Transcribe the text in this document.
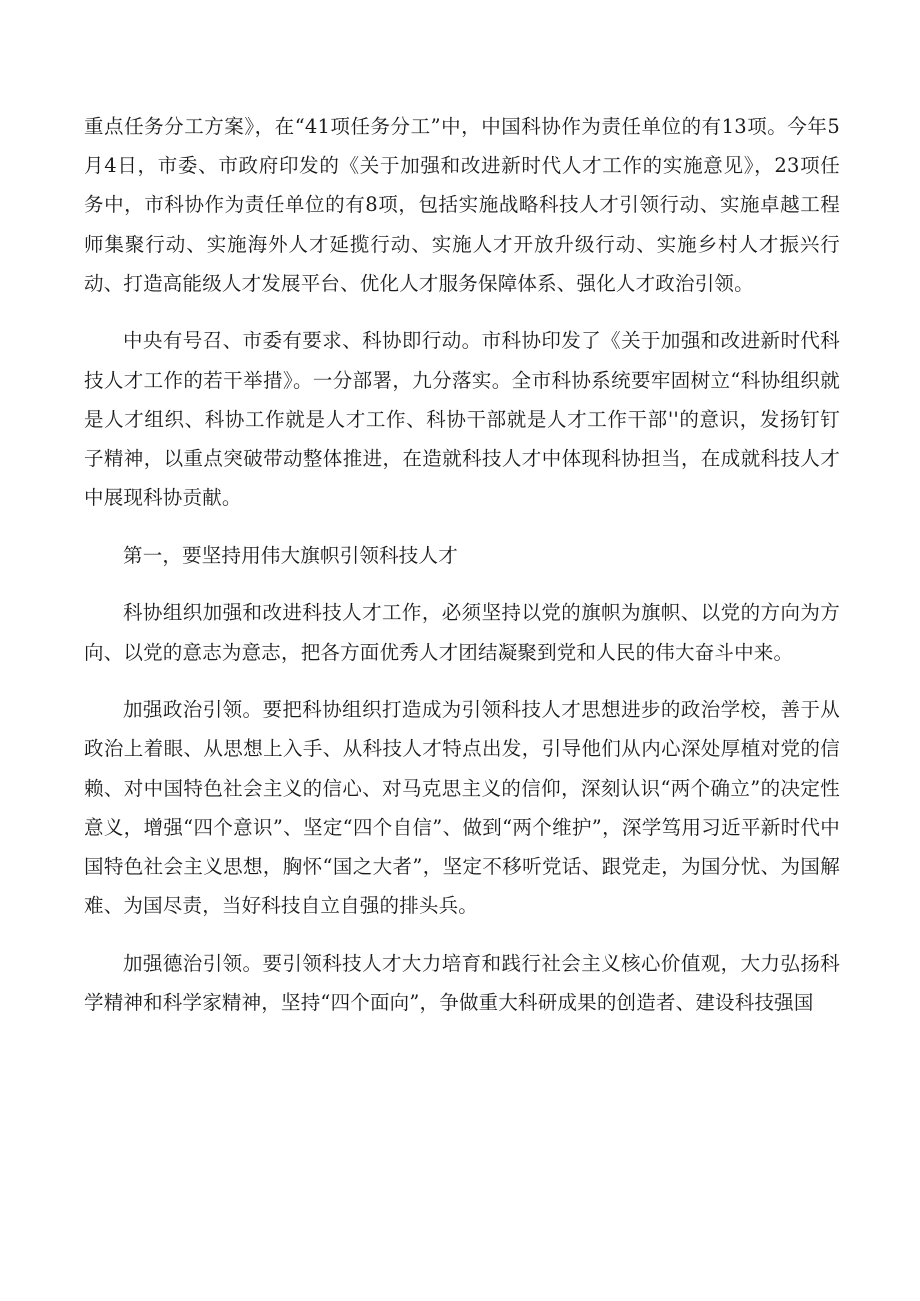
重点任务分工方案》，在“41项任务分工”中，中国科协作为责任单位的有13项。今年5月4日，市委、市政府印发的《关于加强和改进新时代人才工作的实施意见》，23项任务中，市科协作为责任单位的有8项，包括实施战略科技人才引领行动、实施卓越工程师集聚行动、实施海外人才延揽行动、实施人才开放升级行动、实施乡村人才振兴行动、打造高能级人才发展平台、优化人才服务保障体系、强化人才政治引领。

中央有号召、市委有要求、科协即行动。市科协印发了《关于加强和改进新时代科技人才工作的若干举措》。一分部署，九分落实。全市科协系统要牢固树立“科协组织就是人才组织、科协工作就是人才工作、科协干部就是人才工作干部''的意识，发扬钉钉子精神，以重点突破带动整体推进，在造就科技人才中体现科协担当，在成就科技人才中展现科协贡献。

第一，要坚持用伟大旗帜引领科技人才

科协组织加强和改进科技人才工作，必须坚持以党的旗帜为旗帜、以党的方向为方向、以党的意志为意志，把各方面优秀人才团结凝聚到党和人民的伟大奋斗中来。

加强政治引领。要把科协组织打造成为引领科技人才思想进步的政治学校，善于从政治上着眼、从思想上入手、从科技人才特点出发，引导他们从内心深处厚植对党的信赖、对中国特色社会主义的信心、对马克思主义的信仰，深刻认识“两个确立”的决定性意义，增强“四个意识”、坚定“四个自信”、做到“两个维护”，深学笃用习近平新时代中国特色社会主义思想，胸怀“国之大者”，坚定不移听党话、跟党走，为国分忧、为国解难、为国尽责，当好科技自立自强的排头兵。

加强德治引领。要引领科技人才大力培育和践行社会主义核心价值观，大力弘扬科学精神和科学家精神，坚持“四个面向”，争做重大科研成果的创造者、建设科技强国
